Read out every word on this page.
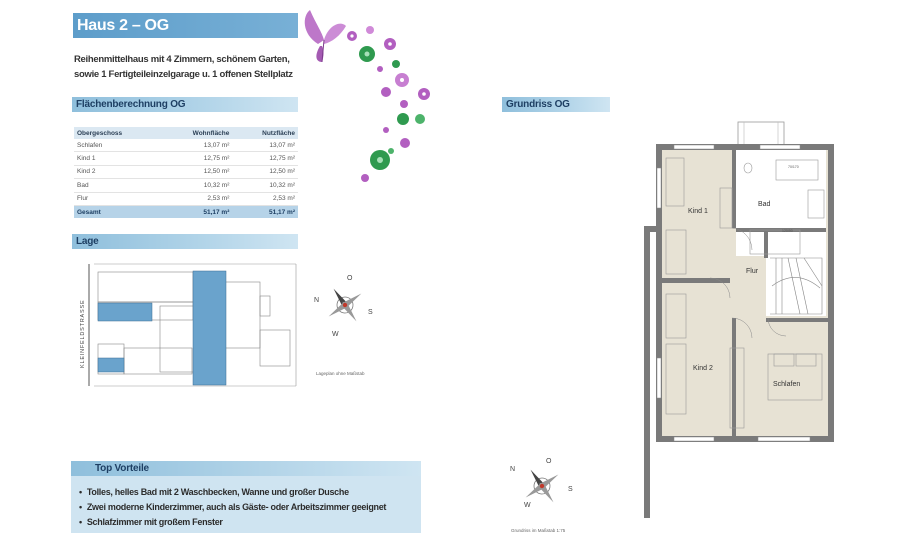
Haus 2 – OG
Reihenmittelhaus mit 4 Zimmern, schönem Garten,
sowie 1 Fertigteileinzelgarage u. 1 offenen Stellplatz
Flächenberechnung OG
Obergeschoss	Wohnfläche	Nutzfläche
Schlafen	13,07 m²	13,07 m²
Kind 1	12,75 m²	12,75 m²
Kind 2	12,50 m²	12,50 m²
Bad	10,32 m²	10,32 m²
Flur	2,53 m²	2,53 m²
Gesamt	51,17 m²	51,17 m²
Lage
KLEINFELDSTRASSE	N
O
S
W
Lageplan ohne Maßstab
Top Vorteile
• Tolles, helles Bad mit 2 Waschbecken, Wanne und großer Dusche
• Zwei moderne Kinderzimmer, auch als Gäste- oder Arbeitszimmer geeignet
• Schlafzimmer mit großem Fenster
Grundriss OG
Kind 1
Bad
Flur
Kind 2
Schlafen
70/170
120/90
N
O
S
W
Grundriss im Maßstab 1:75
